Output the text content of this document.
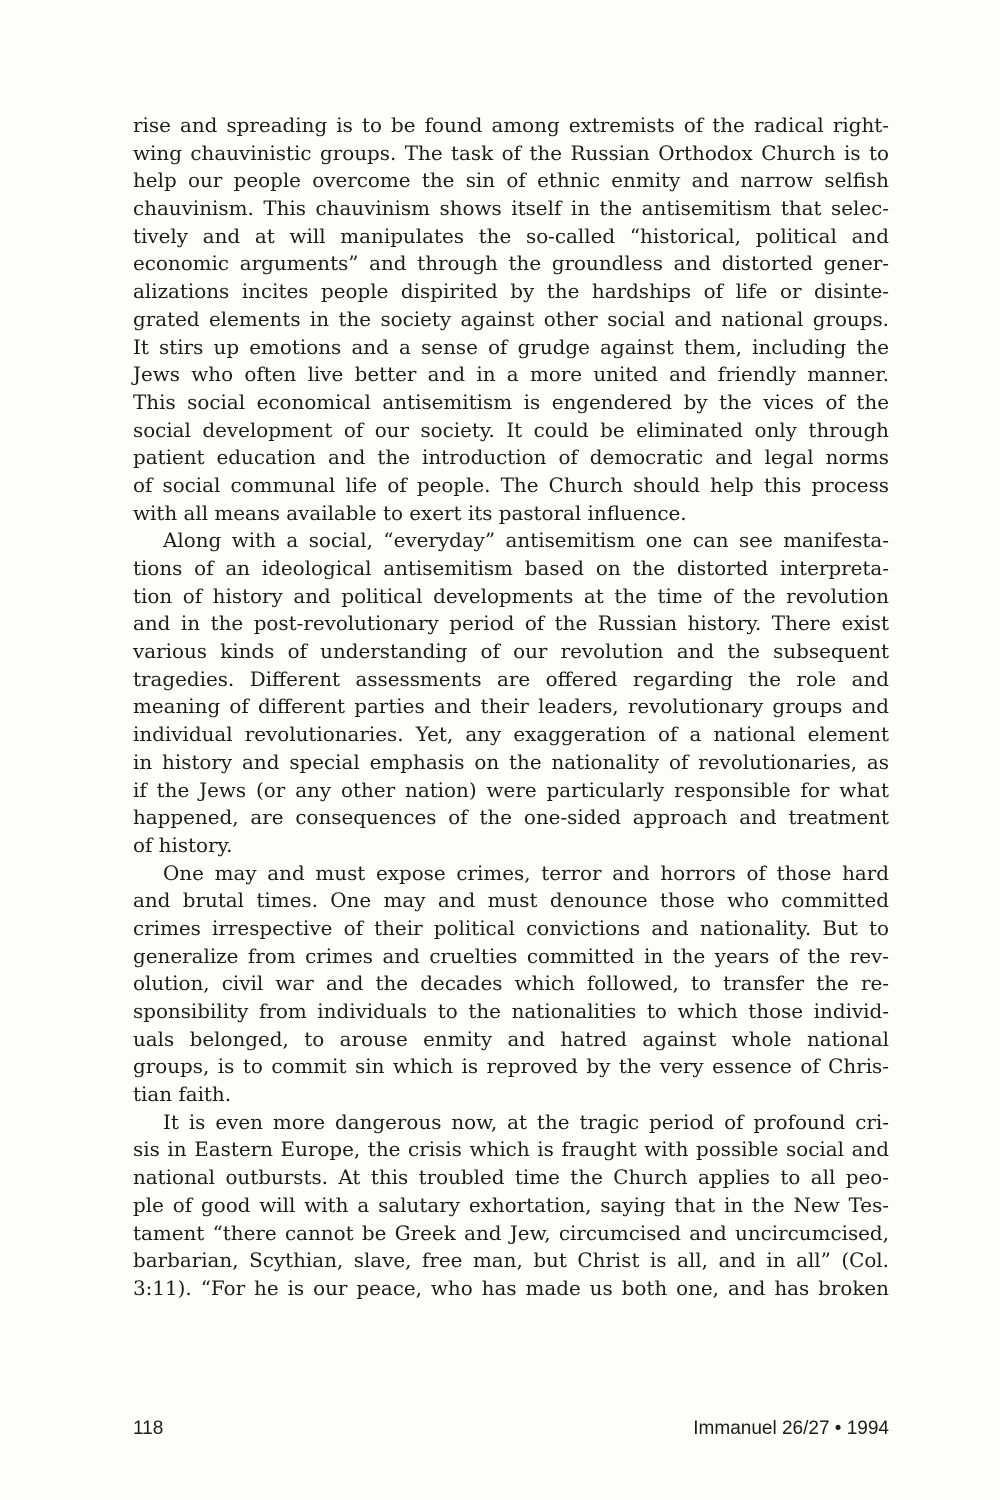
rise and spreading is to be found among extremists of the radical right-
wing chauvinistic groups. The task of the Russian Orthodox Church is to
help our people overcome the sin of ethnic enmity and narrow selfish
chauvinism. This chauvinism shows itself in the antisemitism that selec-
tively and at will manipulates the so-called “historical, political and
economic arguments” and through the groundless and distorted gener-
alizations incites people dispirited by the hardships of life or disinte-
grated elements in the society against other social and national groups.
It stirs up emotions and a sense of grudge against them, including the
Jews who often live better and in a more united and friendly manner.
This social economical antisemitism is engendered by the vices of the
social development of our society. It could be eliminated only through
patient education and the introduction of democratic and legal norms
of social communal life of people. The Church should help this process
with all means available to exert its pastoral influence.
Along with a social, “everyday” antisemitism one can see manifesta-
tions of an ideological antisemitism based on the distorted interpreta-
tion of history and political developments at the time of the revolution
and in the post-revolutionary period of the Russian history. There exist
various kinds of understanding of our revolution and the subsequent
tragedies. Different assessments are offered regarding the role and
meaning of different parties and their leaders, revolutionary groups and
individual revolutionaries. Yet, any exaggeration of a national element
in history and special emphasis on the nationality of revolutionaries, as
if the Jews (or any other nation) were particularly responsible for what
happened, are consequences of the one-sided approach and treatment
of history.
One may and must expose crimes, terror and horrors of those hard
and brutal times. One may and must denounce those who committed
crimes irrespective of their political convictions and nationality. But to
generalize from crimes and cruelties committed in the years of the rev-
olution, civil war and the decades which followed, to transfer the re-
sponsibility from individuals to the nationalities to which those individ-
uals belonged, to arouse enmity and hatred against whole national
groups, is to commit sin which is reproved by the very essence of Chris-
tian faith.
It is even more dangerous now, at the tragic period of profound cri-
sis in Eastern Europe, the crisis which is fraught with possible social and
national outbursts. At this troubled time the Church applies to all peo-
ple of good will with a salutary exhortation, saying that in the New Tes-
tament “there cannot be Greek and Jew, circumcised and uncircumcised,
barbarian, Scythian, slave, free man, but Christ is all, and in all” (Col.
3:11). “For he is our peace, who has made us both one, and has broken
118	Immanuel 26/27 • 1994
